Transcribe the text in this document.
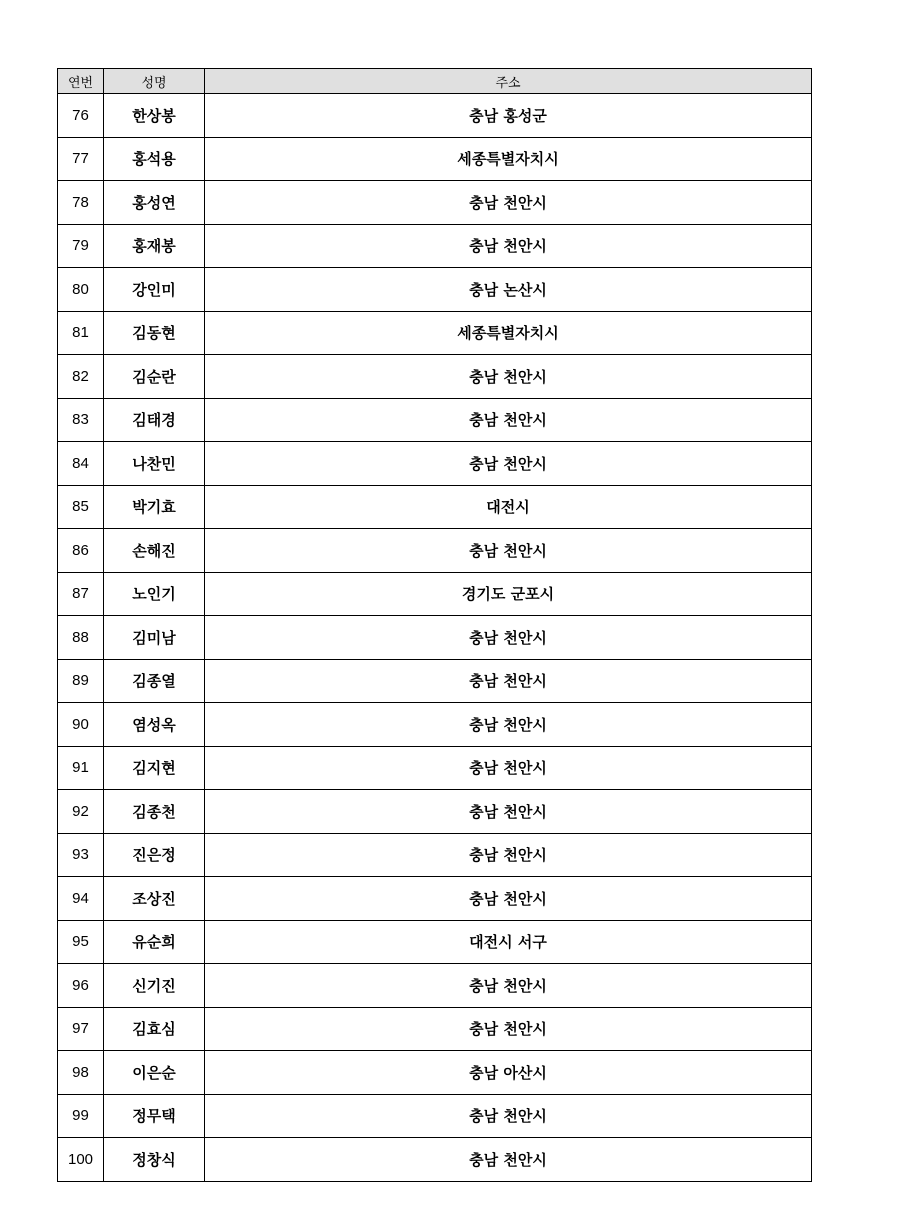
연번	성명	주소
76	한상봉	충남 홍성군
77	홍석용	세종특별자치시
78	홍성연	충남 천안시
79	홍재봉	충남 천안시
80	강인미	충남 논산시
81	김동현	세종특별자치시
82	김순란	충남 천안시
83	김태경	충남 천안시
84	나찬민	충남 천안시
85	박기효	대전시
86	손해진	충남 천안시
87	노인기	경기도 군포시
88	김미남	충남 천안시
89	김종열	충남 천안시
90	염성옥	충남 천안시
91	김지현	충남 천안시
92	김종천	충남 천안시
93	진은정	충남 천안시
94	조상진	충남 천안시
95	유순희	대전시 서구
96	신기진	충남 천안시
97	김효심	충남 천안시
98	이은순	충남 아산시
99	정무택	충남 천안시
100	정창식	충남 천안시
